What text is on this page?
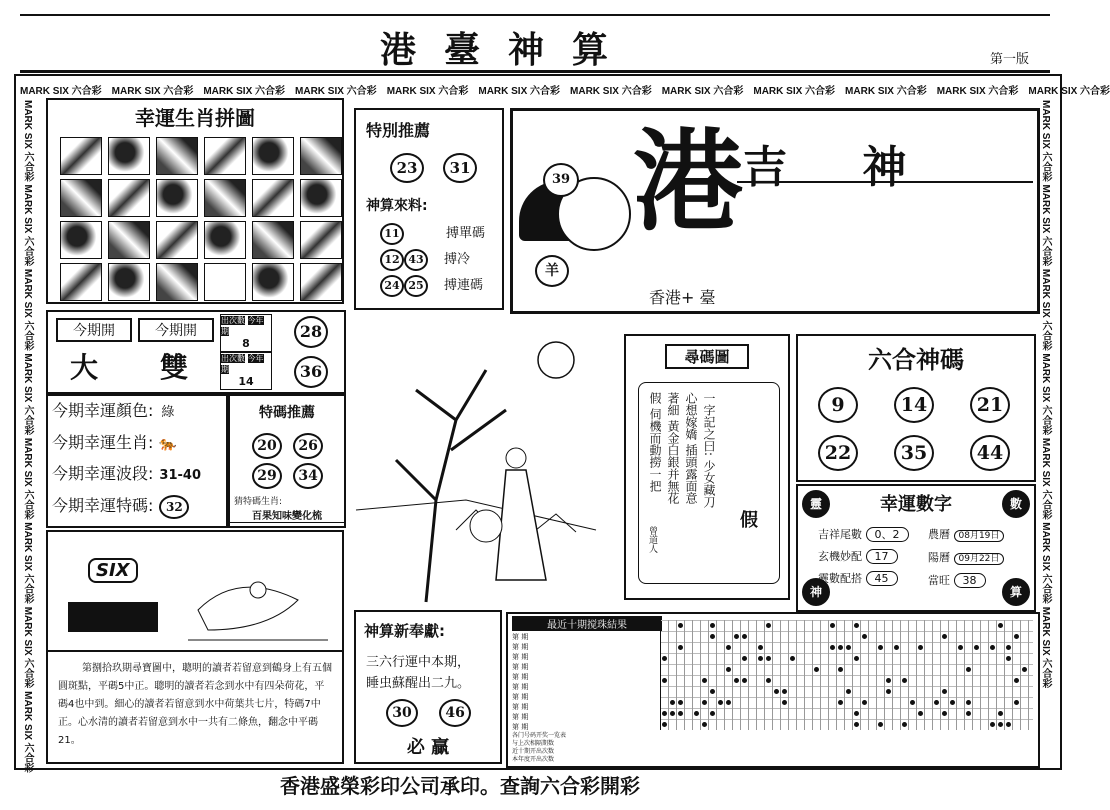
港臺神算	第一版
MARK SIX 六合彩 MARK SIX 六合彩 MARK SIX 六合彩 MARK SIX 六合彩 MARK SIX 六合彩 MARK SIX 六合彩 MARK SIX 六合彩 MARK SIX 六合彩 MARK SIX 六合彩 MARK SIX 六合彩 MARK SIX 六合彩 MARK SIX 六合彩
MARK SIX 六合彩 MARK SIX 六合彩 MARK SIX 六合彩 MARK SIX 六合彩 MARK SIX 六合彩 MARK SIX 六合彩 MARK SIX 六合彩 MARK SIX 六合彩
MARK SIX 六合彩 MARK SIX 六合彩 MARK SIX 六合彩 MARK SIX 六合彩 MARK SIX 六合彩 MARK SIX 六合彩 MARK SIX 六合彩
幸運生肖拼圖
特別推薦
23 31
神算來料:
11	搏單碼
12 43 搏冷
24 25 搏連碼
39
羊
港 吉 神
香港+ 臺
今期開	今期開
大 雙
出次數 今年期
8
出次數 今年期
14
28
36
今期幸運顏色: 綠
今期幸運生肖: 🐅
今期幸運波段: 31-40
今期幸運特碼: 32
特碼推薦
20 26
29 34
猜特碼生肖:
百果知味變化梳
尋碼圖
一字記之曰: 少女藏刀心想嫁嬌 插頭露面意著細 黃金白銀并無花假 伺機而動撈一把
假
曾道人
六合神碼
9	14	21
22	35	44
幸運數字
靈	數
神	算
吉祥尾數 0、2
玄機妙配 17
靈數配搭 45
農曆 08月19日
陽曆 09月22日
當旺 38
SIX
第捌拾玖期尋寶圖中，聰明的讀者若留意到鶴身上有五個圓斑點，平碼5中正。聰明的讀者若念到水中有四朵荷花，平碼4也中到。細心的讀者若留意到水中荷葉共七片，特碼7中正。心水清的讀者若留意到水中一共有二條魚，翻念中平碼21。
神算新奉獻:
三六行運中本期，
睡虫蘇醒出二九。
30 46
必 贏
最近十期搅珠結果
第 期
第 期
第 期
第 期
第 期
第 期
第 期
第 期
第 期
第 期
各门号码开奖一览表
与上次相隔期数
近十期开出次数
本年度开出次数
香港盛榮彩印公司承印。查詢六合彩開彩
